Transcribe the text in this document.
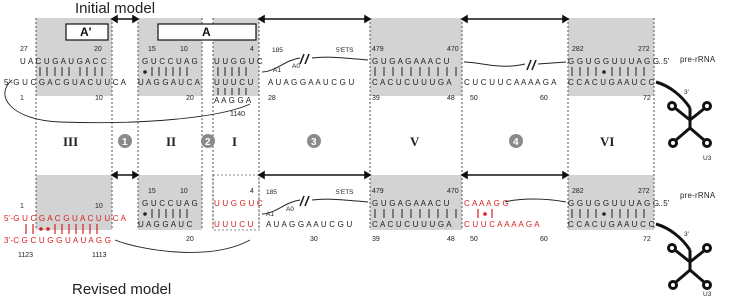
Initial model
Revised model
A'	A
III	II	I	V	VI
1	2	3	4
27	20
U A C U G A U G A C C
5'-G U C G A C G U A C U U C A
1	10
15	10
G U C C U A G
U A G G A U C A
20
4
U U G G U C
U U U C U
A A G G A
1140
185	5'ETS
A1
A0
A U A G G A A U C G U
28
479	470
G U G A G A A A C U
C A C U C U U U G A
39	48
C U C U U C A A A A G A
50	60
282	272
G G U G G U U U A G G
C C A C U G A A U C C
72
...5' pre-rRNA
3'
U3
1	10
5'-G U C G A C G U A C U U C A
3'-C G C U G G U A U A G G
1123	1113
15	10
G U C C U A G
U A G G A U C
20
4
U U G G U C
U U U C U
185	5'ETS
A1
A0
A U A G G A A U C G U
30
479	470
G U G A G A A A C U
C A C U C U U U G A
39	48
C A A A G G
C U U C A A A A G A
50	60
282	272
G G U G G U U U A G G
C C A C U G A A U C C
72
...5'
pre-rRNA
3'
U3
